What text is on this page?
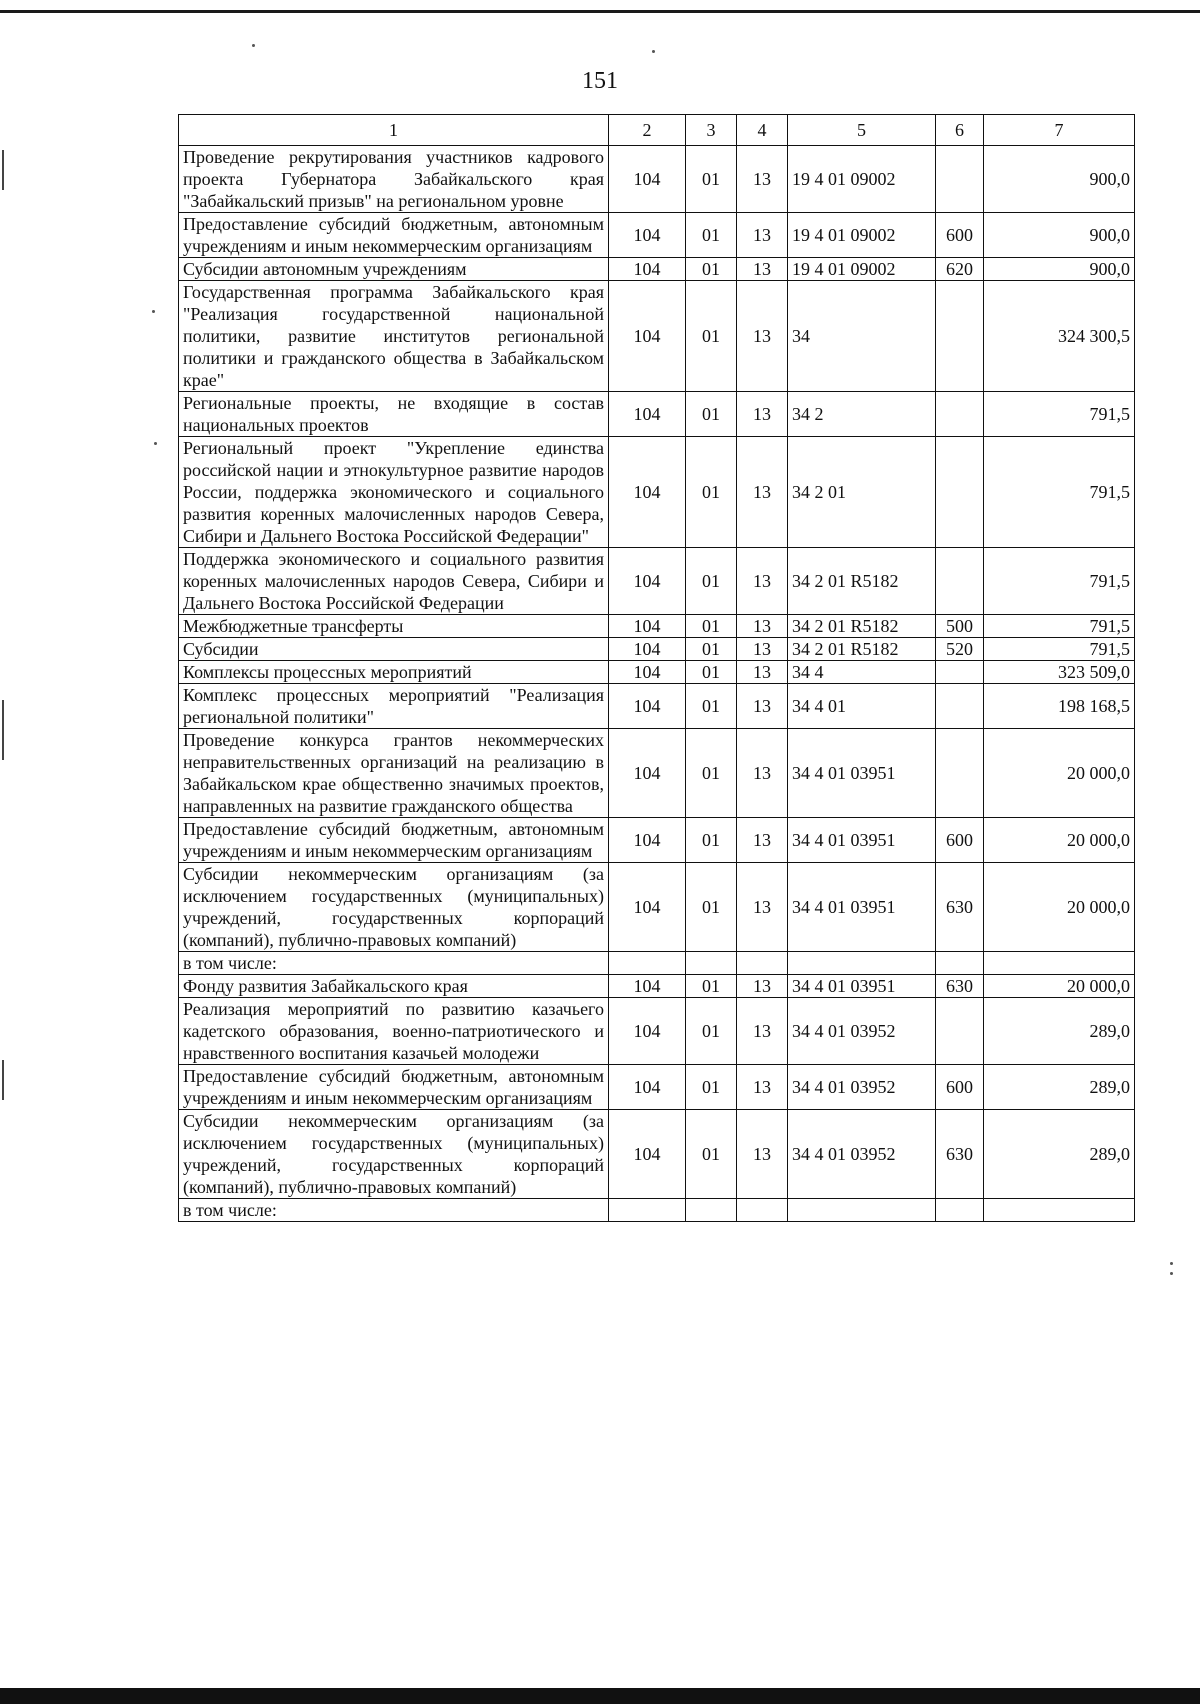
151
1	2	3	4	5	6	7
Проведение рекрутирования участников кадрового проекта Губернатора Забайкальского края "Забайкальский призыв" на региональном уровне	104	01	13	19 4 01 09002		900,0
Предоставление субсидий бюджетным, автономным учреждениям и иным некоммерческим организациям	104	01	13	19 4 01 09002	600	900,0
Субсидии автономным учреждениям	104	01	13	19 4 01 09002	620	900,0
Государственная программа Забайкальского края "Реализация государственной национальной политики, развитие институтов региональной политики и гражданского общества в Забайкальском крае"	104	01	13	34		324 300,5
Региональные проекты, не входящие в состав национальных проектов	104	01	13	34 2		791,5
Региональный проект "Укрепление единства российской нации и этнокультурное развитие народов России, поддержка экономического и социального развития коренных малочисленных народов Севера, Сибири и Дальнего Востока Российской Федерации"	104	01	13	34 2 01		791,5
Поддержка экономического и социального развития коренных малочисленных народов Севера, Сибири и Дальнего Востока Российской Федерации	104	01	13	34 2 01 R5182		791,5
Межбюджетные трансферты	104	01	13	34 2 01 R5182	500	791,5
Субсидии	104	01	13	34 2 01 R5182	520	791,5
Комплексы процессных мероприятий	104	01	13	34 4		323 509,0
Комплекс процессных мероприятий "Реализация региональной политики"	104	01	13	34 4 01		198 168,5
Проведение конкурса грантов некоммерческих неправительственных организаций на реализацию в Забайкальском крае общественно значимых проектов, направленных на развитие гражданского общества	104	01	13	34 4 01 03951		20 000,0
Предоставление субсидий бюджетным, автономным учреждениям и иным некоммерческим организациям	104	01	13	34 4 01 03951	600	20 000,0
Субсидии некоммерческим организациям (за исключением государственных (муниципальных) учреждений, государственных корпораций (компаний), публично-правовых компаний)	104	01	13	34 4 01 03951	630	20 000,0
в том числе:						
Фонду развития Забайкальского края	104	01	13	34 4 01 03951	630	20 000,0
Реализация мероприятий по развитию казачьего кадетского образования, военно-патриотического и нравственного воспитания казачьей молодежи	104	01	13	34 4 01 03952		289,0
Предоставление субсидий бюджетным, автономным учреждениям и иным некоммерческим организациям	104	01	13	34 4 01 03952	600	289,0
Субсидии некоммерческим организациям (за исключением государственных (муниципальных) учреждений, государственных корпораций (компаний), публично-правовых компаний)	104	01	13	34 4 01 03952	630	289,0
в том числе:						
